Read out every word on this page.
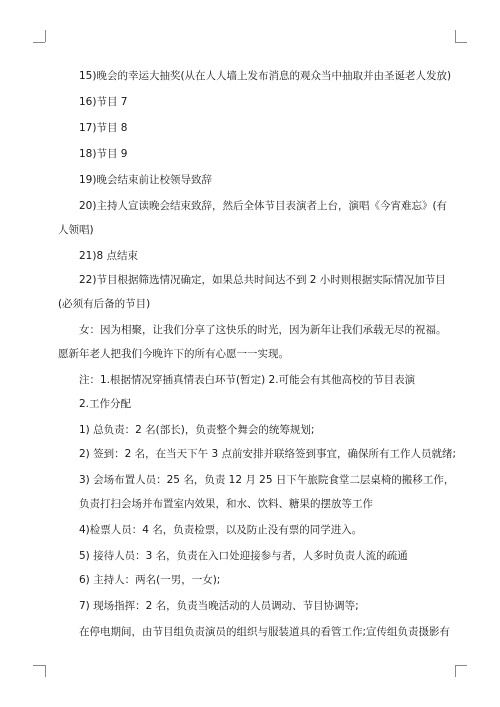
15)晚会的幸运大抽奖(从在人人墙上发布消息的观众当中抽取并由圣诞老人发放)
16)节目 7
17)节目 8
18)节目 9
19)晚会结束前让校领导致辞
20)主持人宣读晚会结束致辞，然后全体节目表演者上台，演唱《今宵难忘》(有
人领唱)
21)8 点结束
22)节目根据筛选情况确定，如果总共时间达不到 2 小时则根据实际情况加节目
(必须有后备的节目)
女：因为相聚，让我们分享了这快乐的时光，因为新年让我们承载无尽的祝福。
愿新年老人把我们今晚许下的所有心愿一一实现。
注：1.根据情况穿插真情表白环节(暂定) 2.可能会有其他高校的节目表演
2.工作分配
1) 总负责：2 名(部长)，负责整个舞会的统筹规划;
2) 签到：2 名，在当天下午 3 点前安排并联络签到事宜，确保所有工作人员就绪;
3) 会场布置人员：25 名，负责 12 月 25 日下午旅院食堂二层桌椅的搬移工作，
负责打扫会场并布置室内效果，和水、饮料、糖果的摆放等工作
4)检票人员：4 名，负责检票，以及防止没有票的同学进入。
5) 接待人员：3 名，负责在入口处迎接参与者，人多时负责人流的疏通
6) 主持人：两名(一男，一女);
7) 现场指挥：2 名，负责当晚活动的人员调动、节目协调等;
在停电期间，由节目组负责演员的组织与服装道具的看管工作;宣传组负责摄影有
